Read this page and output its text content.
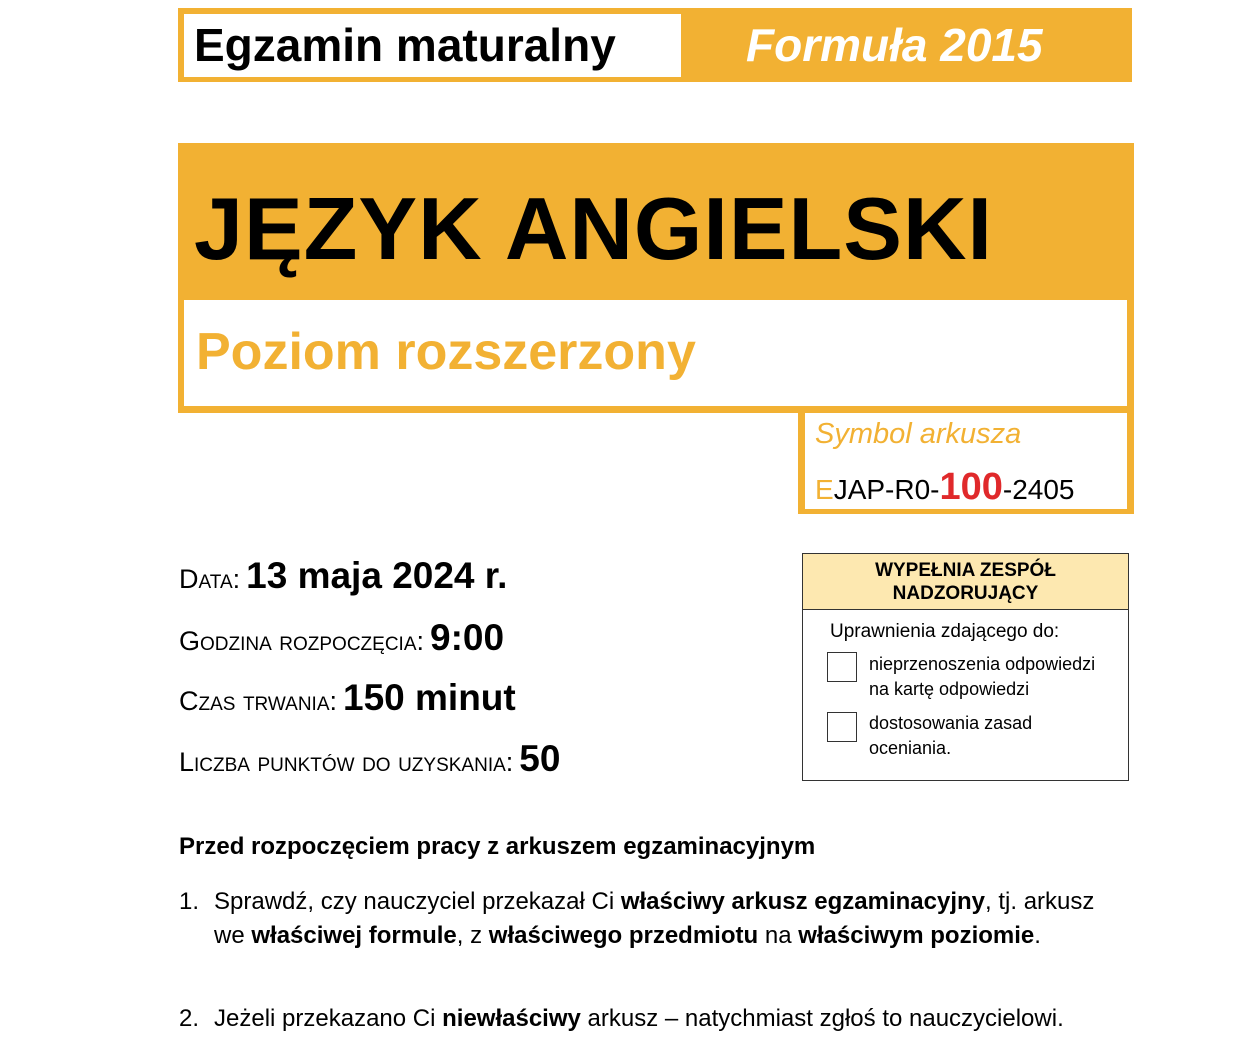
Egzamin maturalny	Formuła 2015
JĘZYK ANGIELSKI
Poziom rozszerzony
Symbol arkusza
EJAP-R0-100-2405
Data: 13 maja 2024 r.
Godzina rozpoczęcia: 9:00
Czas trwania: 150 minut
Liczba punktów do uzyskania: 50
WYPEŁNIA ZESPÓŁ NADZORUJĄCY
Uprawnienia zdającego do:
nieprzenoszenia odpowiedzi na kartę odpowiedzi
dostosowania zasad oceniania.
Przed rozpoczęciem pracy z arkuszem egzaminacyjnym
1. Sprawdź, czy nauczyciel przekazał Ci właściwy arkusz egzaminacyjny, tj. arkusz we właściwej formule, z właściwego przedmiotu na właściwym poziomie.
2. Jeżeli przekazano Ci niewłaściwy arkusz – natychmiast zgłoś to nauczycielowi.
